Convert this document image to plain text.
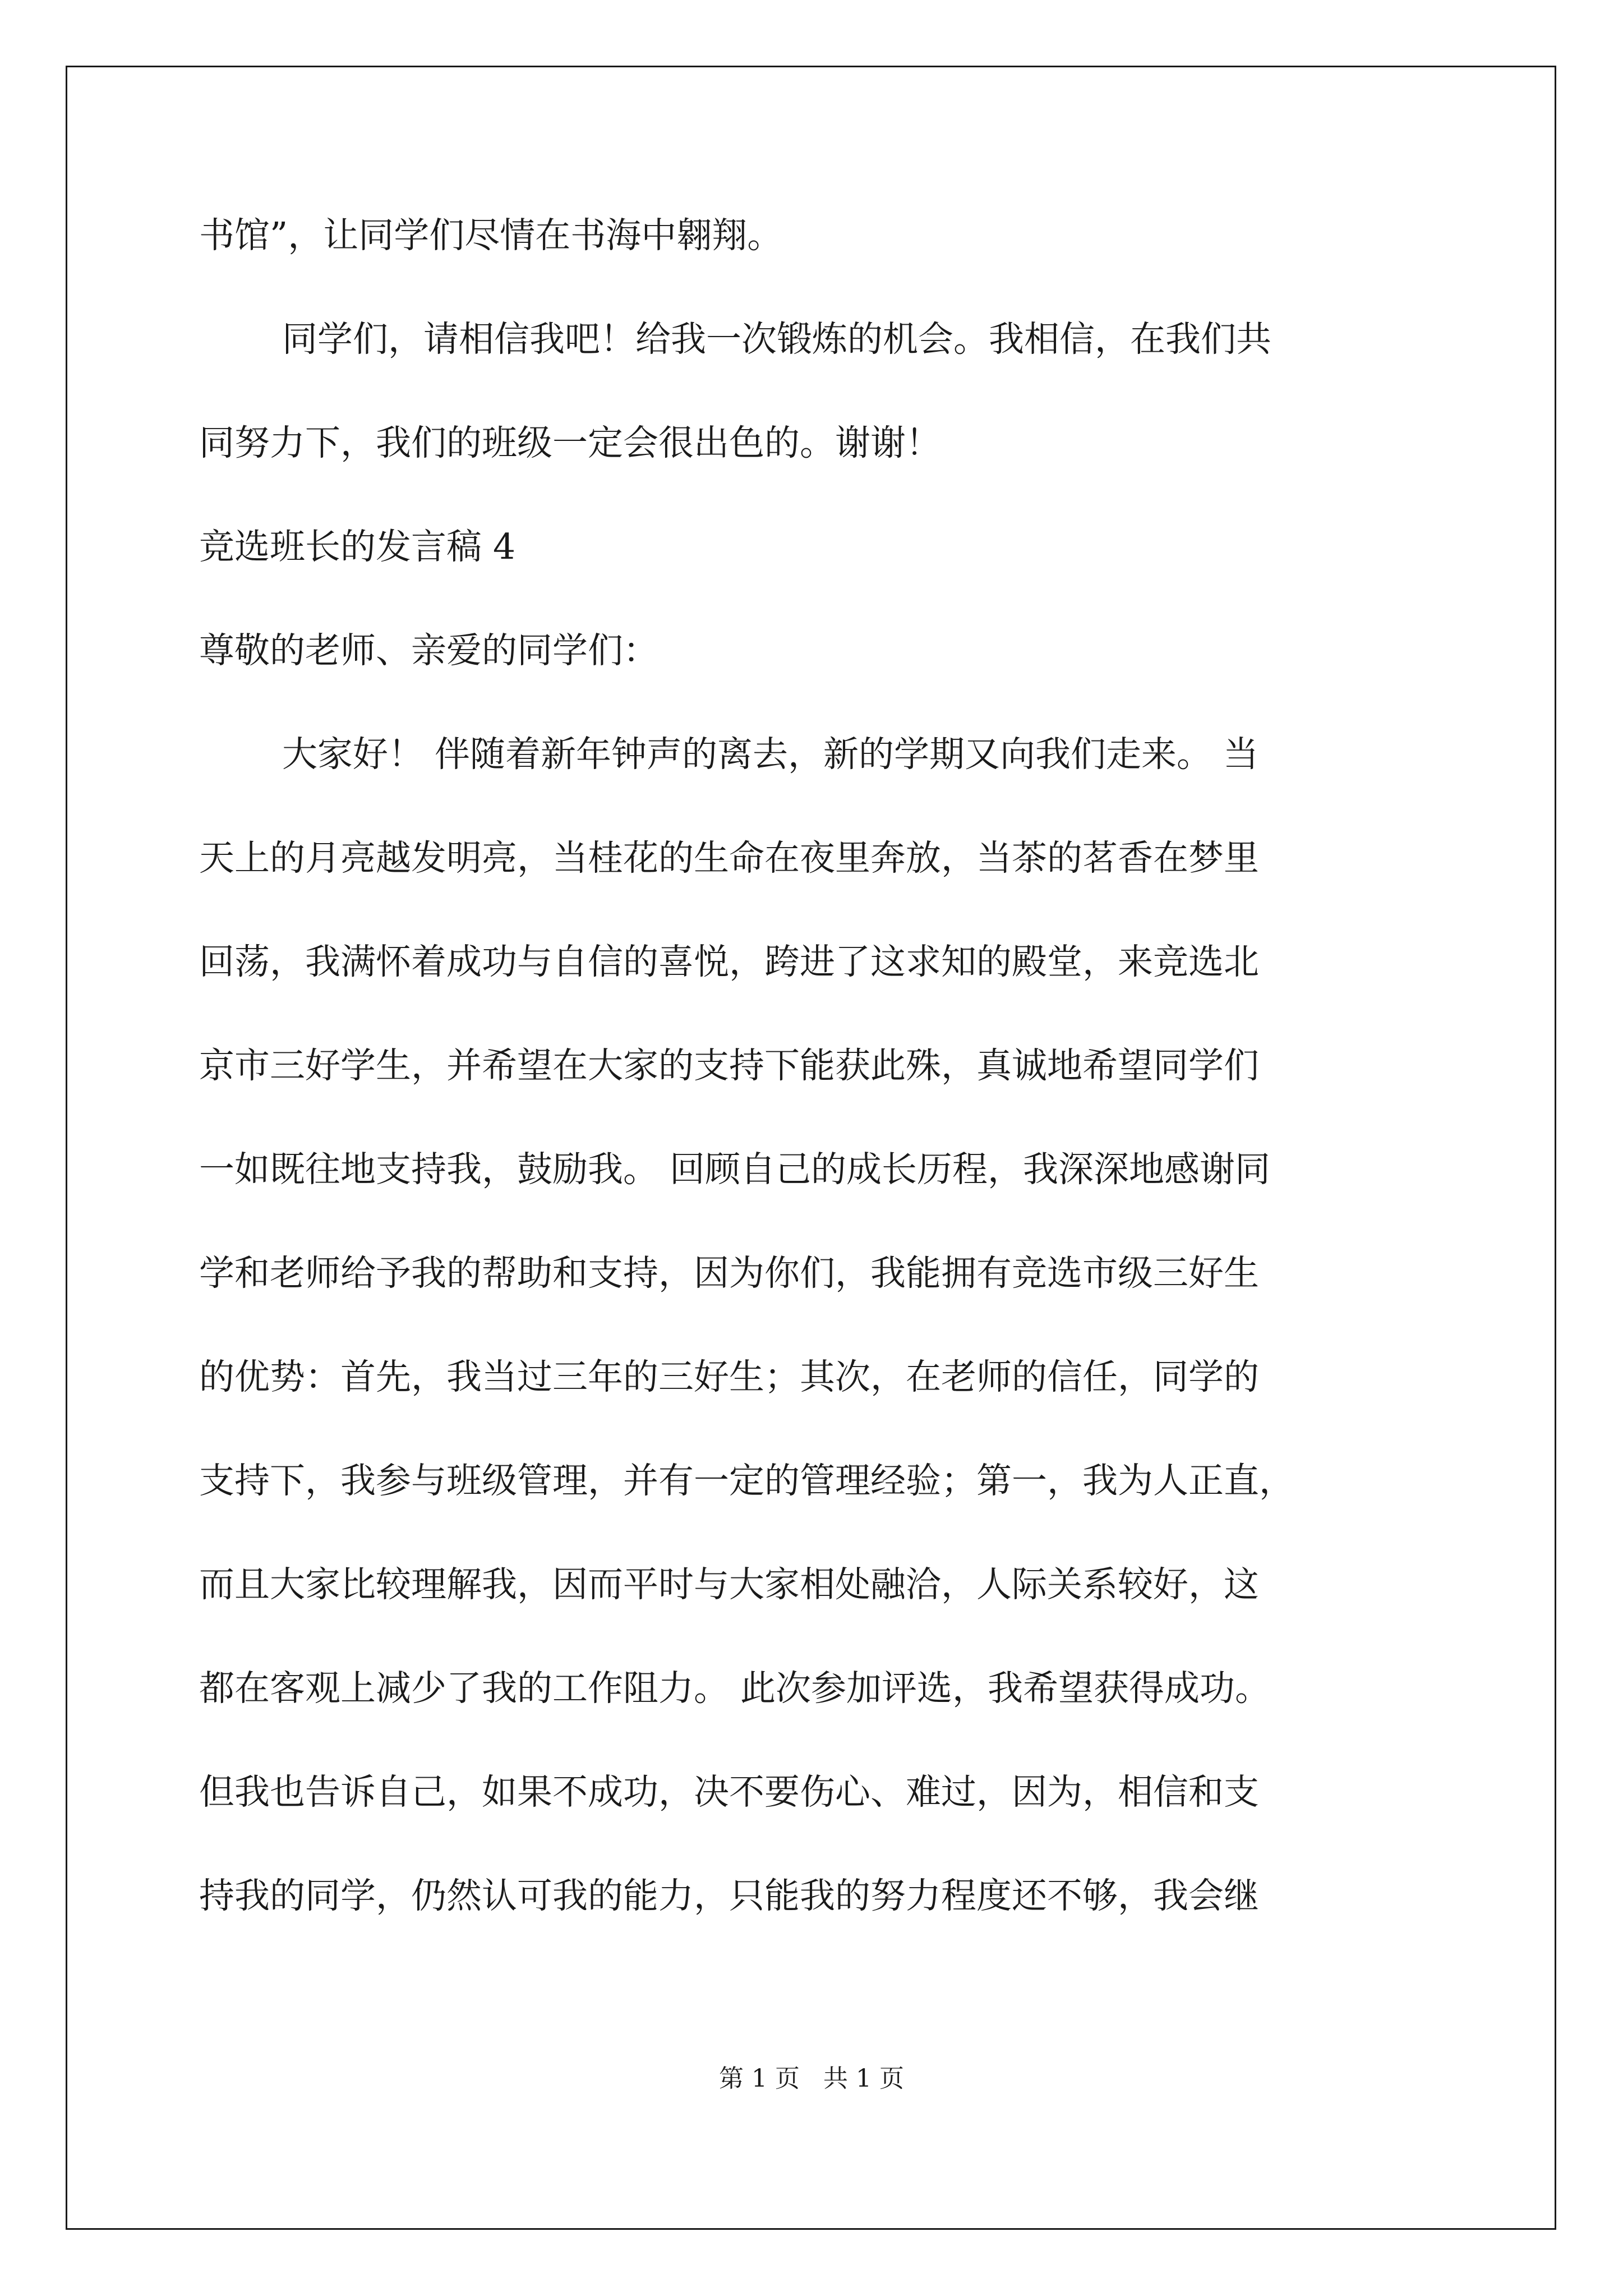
书馆”，让同学们尽情在书海中翱翔。

同学们，请相信我吧！给我一次锻炼的机会。我相信，在我们共

同努力下，我们的班级一定会很出色的。谢谢！

竞选班长的发言稿 4

尊敬的老师、亲爱的同学们：

大家好！ 伴随着新年钟声的离去，新的学期又向我们走来。 当

天上的月亮越发明亮，当桂花的生命在夜里奔放，当茶的茗香在梦里

回荡，我满怀着成功与自信的喜悦，跨进了这求知的殿堂，来竞选北

京市三好学生，并希望在大家的支持下能获此殊，真诚地希望同学们

一如既往地支持我，鼓励我。 回顾自己的成长历程，我深深地感谢同

学和老师给予我的帮助和支持，因为你们，我能拥有竞选市级三好生

的优势：首先，我当过三年的三好生；其次，在老师的信任，同学的

支持下，我参与班级管理，并有一定的管理经验；第一，我为人正直，

而且大家比较理解我，因而平时与大家相处融洽，人际关系较好，这

都在客观上减少了我的工作阻力。 此次参加评选，我希望获得成功。

但我也告诉自己，如果不成功，决不要伤心、难过，因为，相信和支

持我的同学，仍然认可我的能力，只能我的努力程度还不够，我会继

第 1 页   共 1 页
